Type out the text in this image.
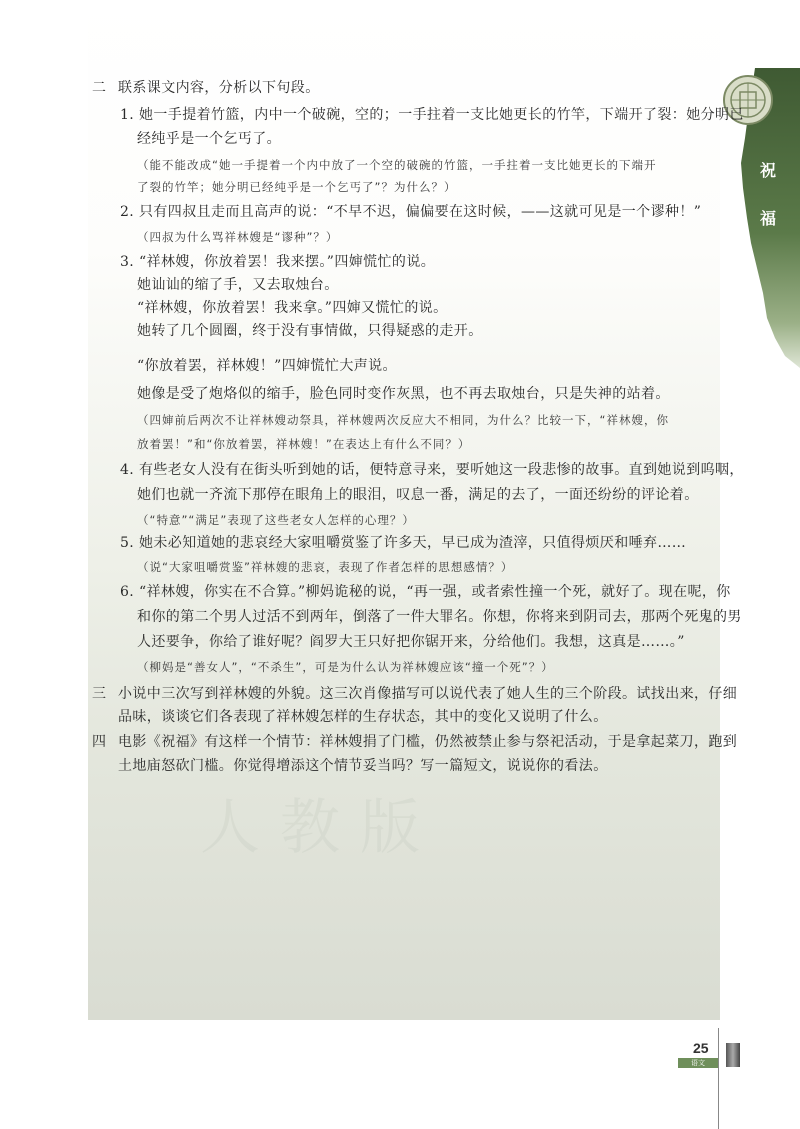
人教版
祝
福
二 联系课文内容，分析以下句段。
1. 她一手提着竹篮，内中一个破碗，空的；一手拄着一支比她更长的竹竿，下端开了裂：她分明已
经纯乎是一个乞丐了。
（能不能改成“她一手提着一个内中放了一个空的破碗的竹篮，一手拄着一支比她更长的下端开
了裂的竹竿；她分明已经纯乎是一个乞丐了”？为什么？）
2. 只有四叔且走而且高声的说：“不早不迟，偏偏要在这时候，——这就可见是一个谬种！”
（四叔为什么骂祥林嫂是“谬种”？）
3. “祥林嫂，你放着罢！我来摆。”四婶慌忙的说。
她讪讪的缩了手，又去取烛台。
“祥林嫂，你放着罢！我来拿。”四婶又慌忙的说。
她转了几个圆圈，终于没有事情做，只得疑惑的走开。
“你放着罢，祥林嫂！”四婶慌忙大声说。
她像是受了炮烙似的缩手，脸色同时变作灰黑，也不再去取烛台，只是失神的站着。
（四婶前后两次不让祥林嫂动祭具，祥林嫂两次反应大不相同，为什么？比较一下，“祥林嫂，你
放着罢！”和“你放着罢，祥林嫂！”在表达上有什么不同？）
4. 有些老女人没有在街头听到她的话，便特意寻来，要听她这一段悲惨的故事。直到她说到呜咽，
她们也就一齐流下那停在眼角上的眼泪，叹息一番，满足的去了，一面还纷纷的评论着。
（“特意”“满足”表现了这些老女人怎样的心理？）
5. 她未必知道她的悲哀经大家咀嚼赏鉴了许多天，早已成为渣滓，只值得烦厌和唾弃……
（说“大家咀嚼赏鉴”祥林嫂的悲哀，表现了作者怎样的思想感情？）
6. “祥林嫂，你实在不合算。”柳妈诡秘的说，“再一强，或者索性撞一个死，就好了。现在呢，你
和你的第二个男人过活不到两年，倒落了一件大罪名。你想，你将来到阴司去，那两个死鬼的男
人还要争，你给了谁好呢？阎罗大王只好把你锯开来，分给他们。我想，这真是……。”
（柳妈是“善女人”，“不杀生”，可是为什么认为祥林嫂应该“撞一个死”？）
三 小说中三次写到祥林嫂的外貌。这三次肖像描写可以说代表了她人生的三个阶段。试找出来，仔细
品味，谈谈它们各表现了祥林嫂怎样的生存状态，其中的变化又说明了什么。
四 电影《祝福》有这样一个情节：祥林嫂捐了门槛，仍然被禁止参与祭祀活动，于是拿起菜刀，跑到
土地庙怒砍门槛。你觉得增添这个情节妥当吗？写一篇短文，说说你的看法。
25
语文
